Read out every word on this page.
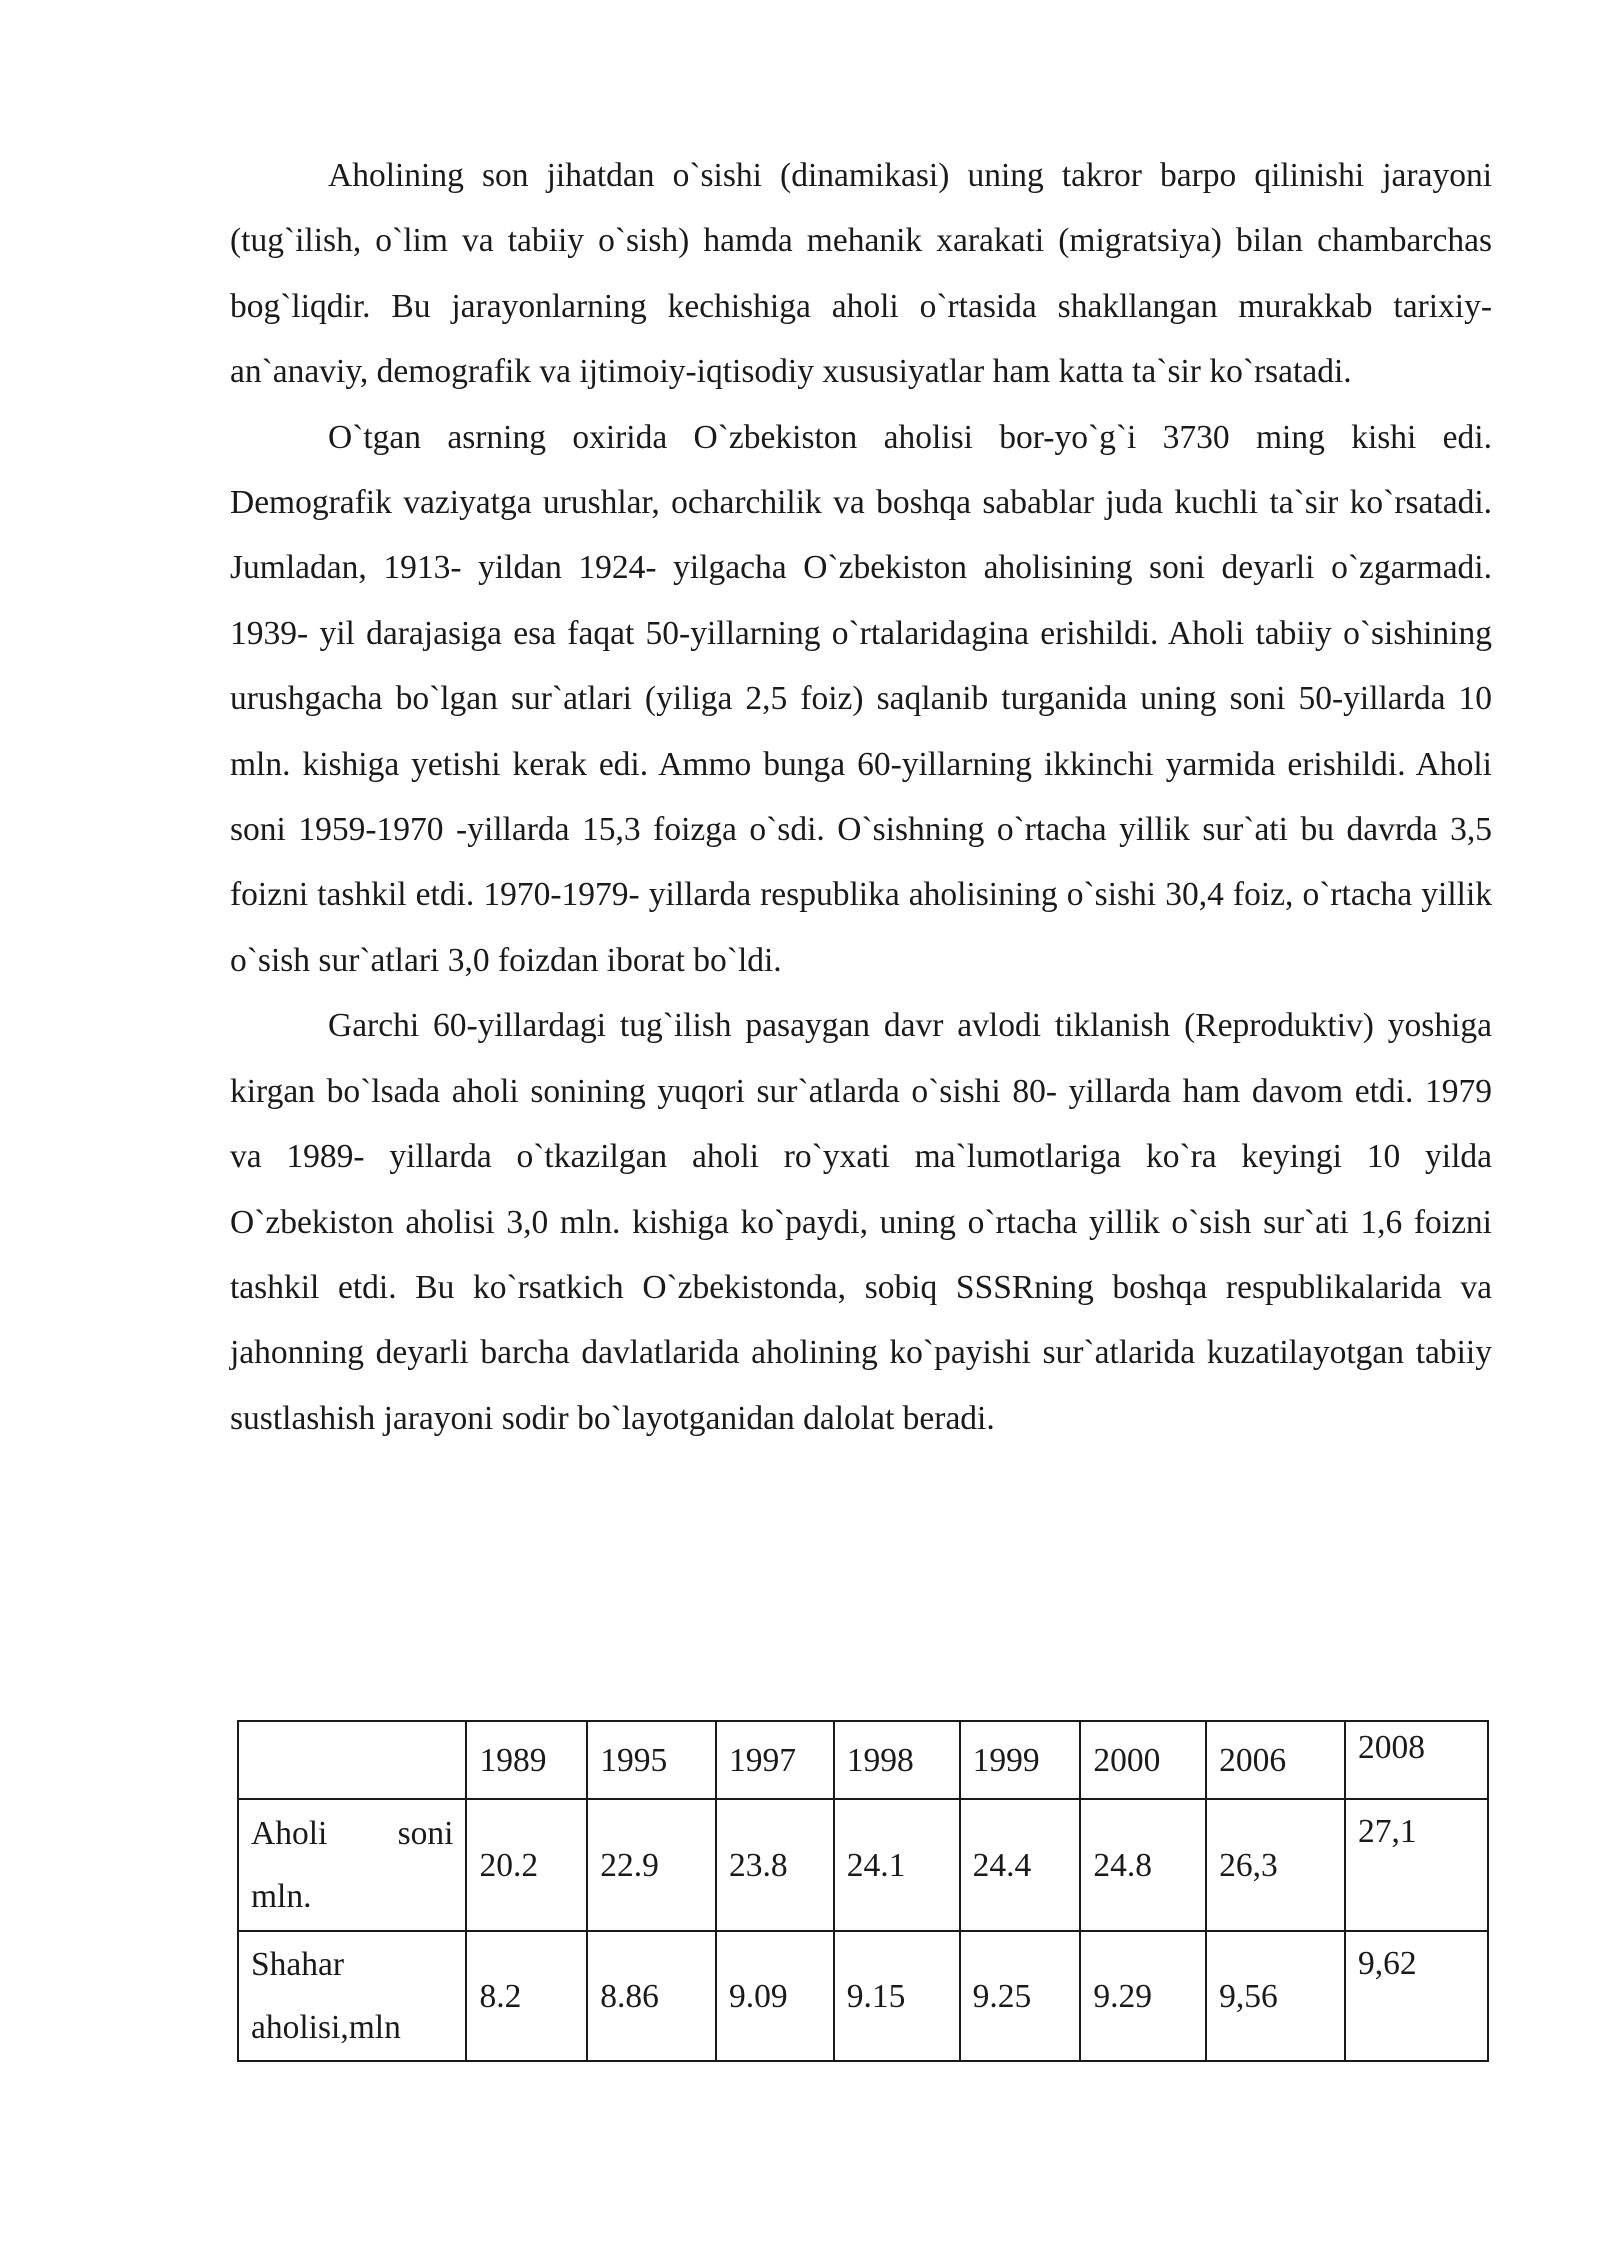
Aholining son jihatdan o`sishi (dinamikasi) uning takror barpo qilinishi jarayoni (tug`ilish, o`lim va tabiiy o`sish) hamda mehanik xarakati (migratsiya) bilan chambarchas bog`liqdir. Bu jarayonlarning kechishiga aholi o`rtasida shakllangan murakkab tarixiy-an`anaviy, demografik va ijtimoiy-iqtisodiy xususiyatlar ham katta ta`sir ko`rsatadi.

O`tgan asrning oxirida O`zbekiston aholisi bor-yo`g`i 3730 ming kishi edi. Demografik vaziyatga urushlar, ocharchilik va boshqa sabablar juda kuchli ta`sir ko`rsatadi. Jumladan, 1913- yildan 1924- yilgacha O`zbekiston aholisining soni deyarli o`zgarmadi. 1939- yil darajasiga esa faqat 50-yillarning o`rtalaridagina erishildi. Aholi tabiiy o`sishining urushgacha bo`lgan sur`atlari (yiliga 2,5 foiz) saqlanib turganida uning soni 50-yillarda 10 mln. kishiga yetishi kerak edi. Ammo bunga 60-yillarning ikkinchi yarmida erishildi. Aholi soni 1959-1970 -yillarda 15,3 foizga o`sdi. O`sishning o`rtacha yillik sur`ati bu davrda 3,5 foizni tashkil etdi. 1970-1979- yillarda respublika aholisining o`sishi 30,4 foiz, o`rtacha yillik o`sish sur`atlari 3,0 foizdan iborat bo`ldi.

Garchi 60-yillardagi tug`ilish pasaygan davr avlodi tiklanish (Reproduktiv) yoshiga kirgan bo`lsada aholi sonining yuqori sur`atlarda o`sishi 80- yillarda ham davom etdi. 1979 va 1989- yillarda o`tkazilgan aholi ro`yxati ma`lumotlariga ko`ra keyingi 10 yilda O`zbekiston aholisi 3,0 mln. kishiga ko`paydi, uning o`rtacha yillik o`sish sur`ati 1,6 foizni tashkil etdi. Bu ko`rsatkich O`zbekistonda, sobiq SSSRning boshqa respublikalarida va jahonning deyarli barcha davlatlarida aholining ko`payishi sur`atlarida kuzatilayotgan tabiiy sustlashish jarayoni sodir bo`layotganidan dalolat beradi.

	1989	1995	1997	1998	1999	2000	2006	2008

Aholi soni
mln.	20.2	22.9	23.8	24.1	24.4	24.8	26,3	27,1

Shahar
aholisi,mln	8.2	8.86	9.09	9.15	9.25	9.29	9,56	9,62
